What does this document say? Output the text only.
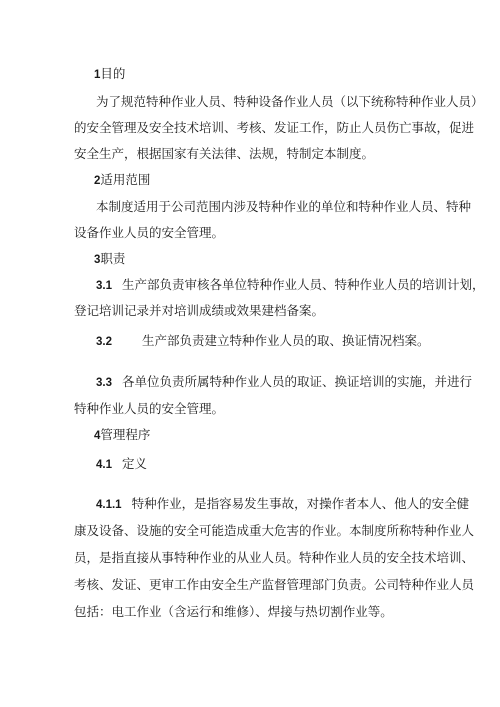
1目的
为了规范特种作业人员、特种设备作业人员（以下统称特种作业人员）
的安全管理及安全技术培训、考核、发证工作，防止人员伤亡事故，促进
安全生产，根据国家有关法律、法规，特制定本制度。
2适用范围
本制度适用于公司范围内涉及特种作业的单位和特种作业人员、特种
设备作业人员的安全管理。
3职责
3.1 生产部负责审核各单位特种作业人员、特种作业人员的培训计划，
登记培训记录并对培训成绩或效果建档备案。
3.2 生产部负责建立特种作业人员的取、换证情况档案。
3.3 各单位负责所属特种作业人员的取证、换证培训的实施，并进行
特种作业人员的安全管理。
4管理程序
4.1 定义
4.1.1 特种作业，是指容易发生事故，对操作者本人、他人的安全健
康及设备、设施的安全可能造成重大危害的作业。本制度所称特种作业人
员，是指直接从事特种作业的从业人员。特种作业人员的安全技术培训、
考核、发证、更审工作由安全生产监督管理部门负责。公司特种作业人员
包括：电工作业（含运行和维修）、焊接与热切割作业等。
